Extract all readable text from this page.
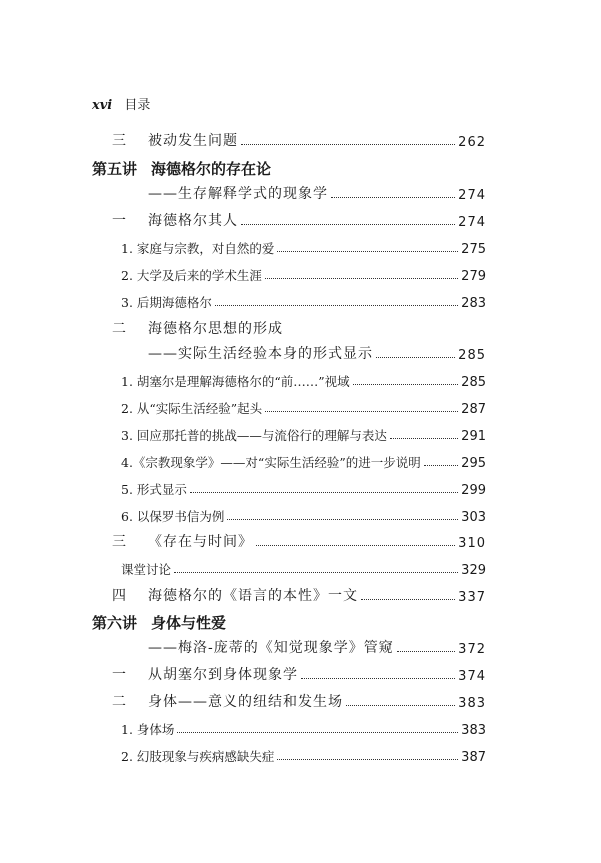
xvi 目录
三 被动发生问题	262
第五讲 海德格尔的存在论
——生存解释学式的现象学	274
一 海德格尔其人	274
1. 家庭与宗教，对自然的爱	275
2. 大学及后来的学术生涯	279
3. 后期海德格尔	283
二 海德格尔思想的形成
——实际生活经验本身的形式显示	285
1. 胡塞尔是理解海德格尔的“前……”视域	285
2. 从“实际生活经验”起头	287
3. 回应那托普的挑战——与流俗行的理解与表达	291
4.《宗教现象学》——对“实际生活经验”的进一步说明	295
5. 形式显示	299
6. 以保罗书信为例	303
三 《存在与时间》	310
课堂讨论	329
四 海德格尔的《语言的本性》一文	337
第六讲 身体与性爱
——梅洛-庞蒂的《知觉现象学》管窥	372
一 从胡塞尔到身体现象学	374
二 身体——意义的纽结和发生场	383
1. 身体场	383
2. 幻肢现象与疾病感缺失症	387
